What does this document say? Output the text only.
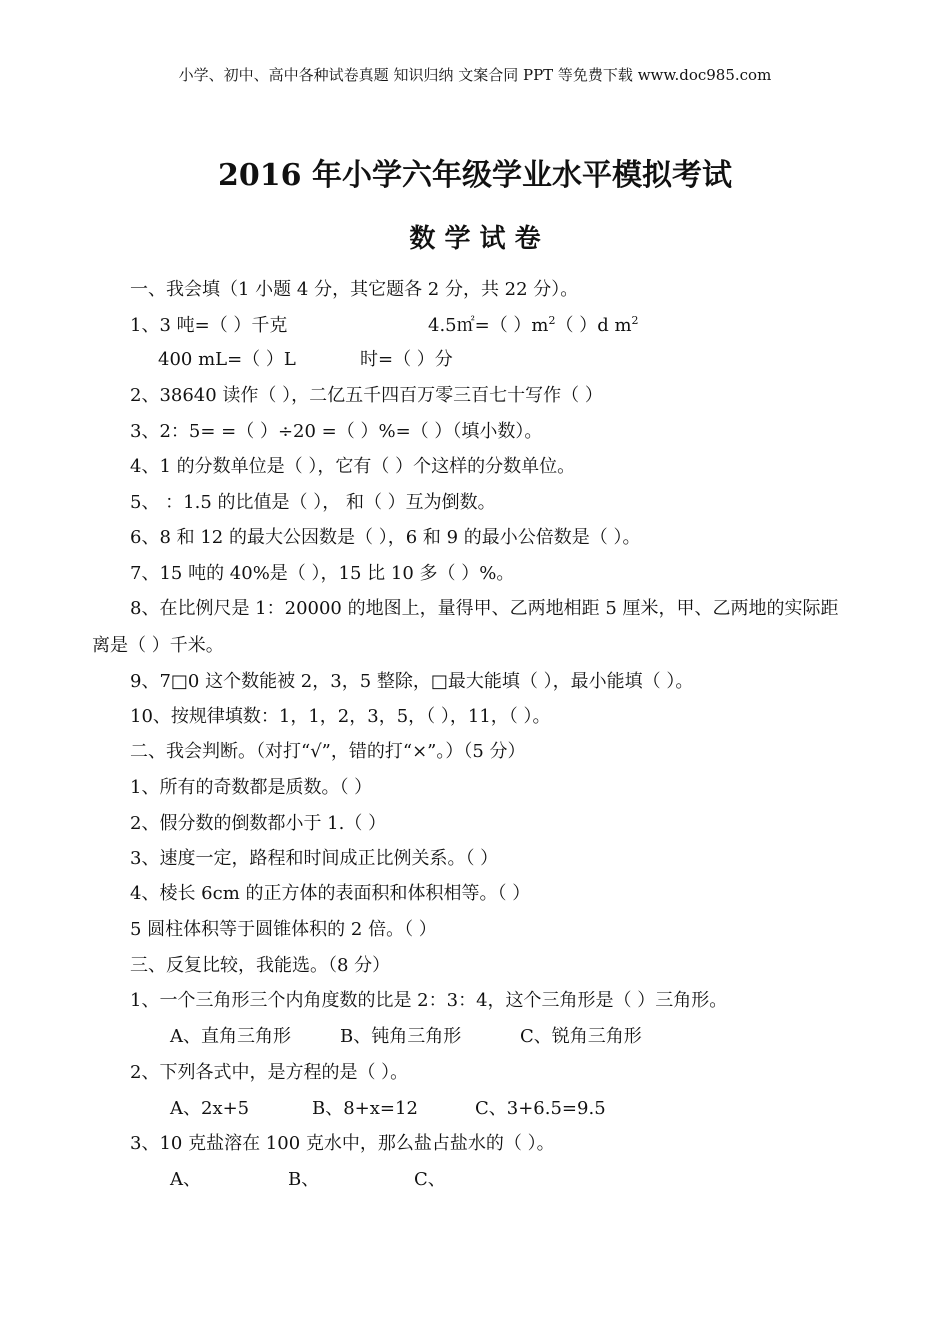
小学、初中、高中各种试卷真题 知识归纳 文案合同 PPT 等免费下载 www.doc985.com
2016 年小学六年级学业水平模拟考试
数 学 试 卷
一、我会填（1 小题 4 分，其它题各 2 分，共 22 分）。
1、3 吨=（ ）千克	4.5㎡=（ ）$m^2$（ ）d $m^2$
400 mL=（ ）L	时=（ ）分
2、38640 读作（ ），二亿五千四百万零三百七十写作（ ）
3、2：5= =（ ）÷20 =（ ）%=（ ）（填小数）。
4、1 的分数单位是（ ），它有（ ）个这样的分数单位。
5、 ：1.5 的比值是（ ）， 和（ ）互为倒数。
6、8 和 12 的最大公因数是（ ），6 和 9 的最小公倍数是（ ）。
7、15 吨的 40%是（ ），15 比 10 多（ ）%。
8、在比例尺是 1：20000 的地图上，量得甲、乙两地相距 5 厘米，甲、乙两地的实际距
离是（ ）千米。
9、7□0 这个数能被 2，3，5 整除，□最大能填（ ），最小能填（ ）。
10、按规律填数：1，1，2，3，5，（ ），11，（ ）。
二、我会判断。（对打“√”，错的打“×”。）（5 分）
1、所有的奇数都是质数。（ ）
2、假分数的倒数都小于 1.（ ）
3、速度一定，路程和时间成正比例关系。（ ）
4、棱长 6cm 的正方体的表面积和体积相等。（ ）
5 圆柱体积等于圆锥体积的 2 倍。（ ）
三、反复比较，我能选。（8 分）
1、一个三角形三个内角度数的比是 2：3：4，这个三角形是（ ）三角形。
A、直角三角形	B、钝角三角形	C、锐角三角形
2、下列各式中，是方程的是（ ）。
A、2x+5	B、8+x=12	C、3+6.5=9.5
3、10 克盐溶在 100 克水中，那么盐占盐水的（ ）。
A、	B、	C、
